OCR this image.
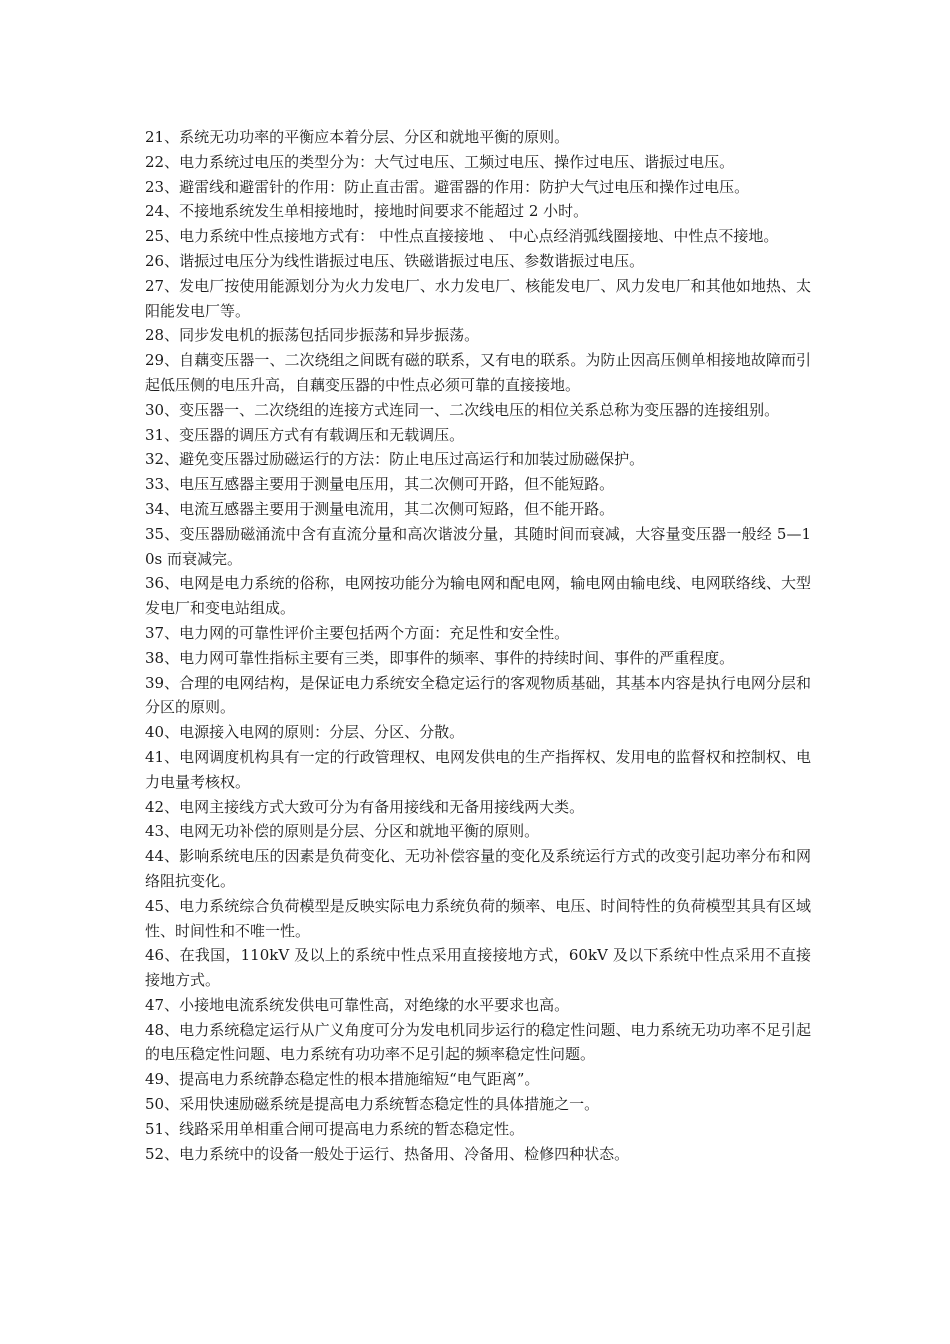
21、系统无功功率的平衡应本着分层、分区和就地平衡的原则。

22、电力系统过电压的类型分为：大气过电压、工频过电压、操作过电压、谐振过电压。

23、避雷线和避雷针的作用：防止直击雷。避雷器的作用：防护大气过电压和操作过电压。

24、不接地系统发生单相接地时，接地时间要求不能超过 2 小时。

25、电力系统中性点接地方式有： 中性点直接接地 、 中心点经消弧线圈接地、中性点不接地。

26、谐振过电压分为线性谐振过电压、铁磁谐振过电压、参数谐振过电压。

27、发电厂按使用能源划分为火力发电厂、水力发电厂、核能发电厂、风力发电厂和其他如地热、太阳能发电厂等。

28、同步发电机的振荡包括同步振荡和异步振荡。

29、自藕变压器一、二次绕组之间既有磁的联系，又有电的联系。为防止因高压侧单相接地故障而引起低压侧的电压升高，自藕变压器的中性点必须可靠的直接接地。

30、变压器一、二次绕组的连接方式连同一、二次线电压的相位关系总称为变压器的连接组别。

31、变压器的调压方式有有载调压和无载调压。

32、避免变压器过励磁运行的方法：防止电压过高运行和加装过励磁保护。

33、电压互感器主要用于测量电压用，其二次侧可开路，但不能短路。

34、电流互感器主要用于测量电流用，其二次侧可短路，但不能开路。

35、变压器励磁涌流中含有直流分量和高次谐波分量，其随时间而衰减，大容量变压器一般经 5—10s 而衰减完。

36、电网是电力系统的俗称，电网按功能分为输电网和配电网，输电网由输电线、电网联络线、大型发电厂和变电站组成。

37、电力网的可靠性评价主要包括两个方面：充足性和安全性。

38、电力网可靠性指标主要有三类，即事件的频率、事件的持续时间、事件的严重程度。

39、合理的电网结构，是保证电力系统安全稳定运行的客观物质基础，其基本内容是执行电网分层和分区的原则。

40、电源接入电网的原则：分层、分区、分散。

41、电网调度机构具有一定的行政管理权、电网发供电的生产指挥权、发用电的监督权和控制权、电力电量考核权。

42、电网主接线方式大致可分为有备用接线和无备用接线两大类。

43、电网无功补偿的原则是分层、分区和就地平衡的原则。

44、影响系统电压的因素是负荷变化、无功补偿容量的变化及系统运行方式的改变引起功率分布和网络阻抗变化。

45、电力系统综合负荷模型是反映实际电力系统负荷的频率、电压、时间特性的负荷模型其具有区域性、时间性和不唯一性。

46、在我国，110kV 及以上的系统中性点采用直接接地方式，60kV 及以下系统中性点采用不直接接地方式。

47、小接地电流系统发供电可靠性高，对绝缘的水平要求也高。

48、电力系统稳定运行从广义角度可分为发电机同步运行的稳定性问题、电力系统无功功率不足引起的电压稳定性问题、电力系统有功功率不足引起的频率稳定性问题。

49、提高电力系统静态稳定性的根本措施缩短“电气距离”。

50、采用快速励磁系统是提高电力系统暂态稳定性的具体措施之一。

51、线路采用单相重合闸可提高电力系统的暂态稳定性。

52、电力系统中的设备一般处于运行、热备用、冷备用、检修四种状态。
